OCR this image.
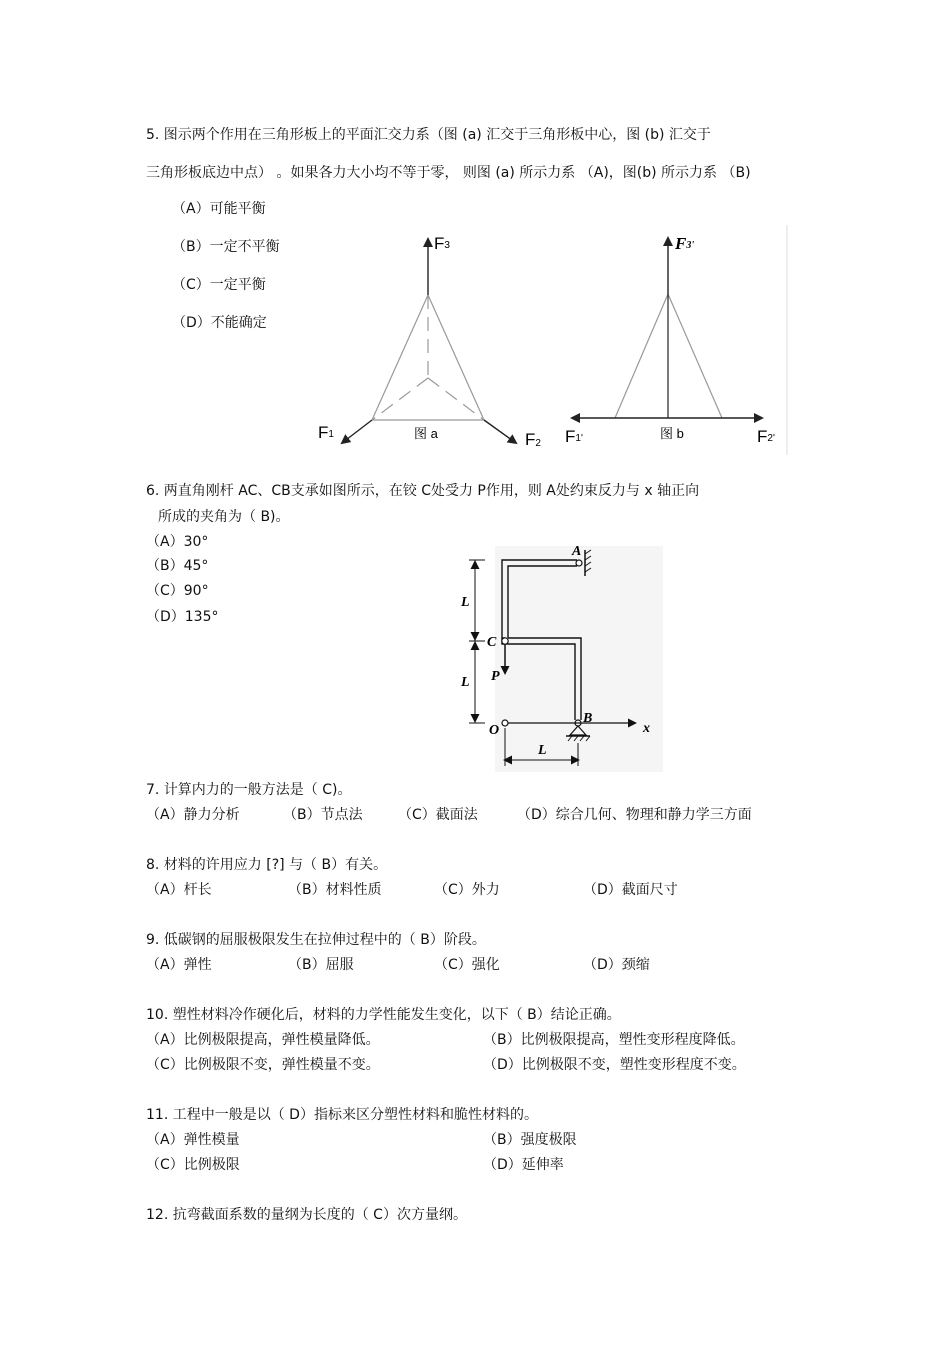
5. 图示两个作用在三角形板上的平面汇交力系（图 (a) 汇交于三角形板中心，图 (b) 汇交于
三角形板底边中点） 。如果各力大小均不等于零， 则图 (a) 所示力系 （A)，图(b) 所示力系 （B)
（A）可能平衡
（B）一定不平衡
（C）一定平衡
（D）不能确定
F3
F1	F2
图 a
F3'
F1'	F2'
图 b
6. 两直角刚杆 AC、CB支承如图所示，在铰 C处受力 P作用，则 A处约束反力与 x 轴正向
所成的夹角为（ B)。
（A）30°
（B）45°
（C）90°
（D）135°
A
C
P
O
B
x
L
L
L
7. 计算内力的一般方法是（ C)。
（A）静力分析	（B）节点法	（C）截面法	（D）综合几何、物理和静力学三方面
8. 材料的许用应力 [?] 与（ B）有关。
（A）杆长	（B）材料性质	（C）外力	（D）截面尺寸
9. 低碳钢的屈服极限发生在拉伸过程中的（ B）阶段。
（A）弹性	（B）屈服	（C）强化	（D）颈缩
10. 塑性材料冷作硬化后，材料的力学性能发生变化，以下（ B）结论正确。
（A）比例极限提高，弹性模量降低。	（B）比例极限提高，塑性变形程度降低。
（C）比例极限不变，弹性模量不变。	（D）比例极限不变，塑性变形程度不变。
11. 工程中一般是以（ D）指标来区分塑性材料和脆性材料的。
（A）弹性模量	（B）强度极限
（C）比例极限	（D）延伸率
12. 抗弯截面系数的量纲为长度的（ C）次方量纲。
